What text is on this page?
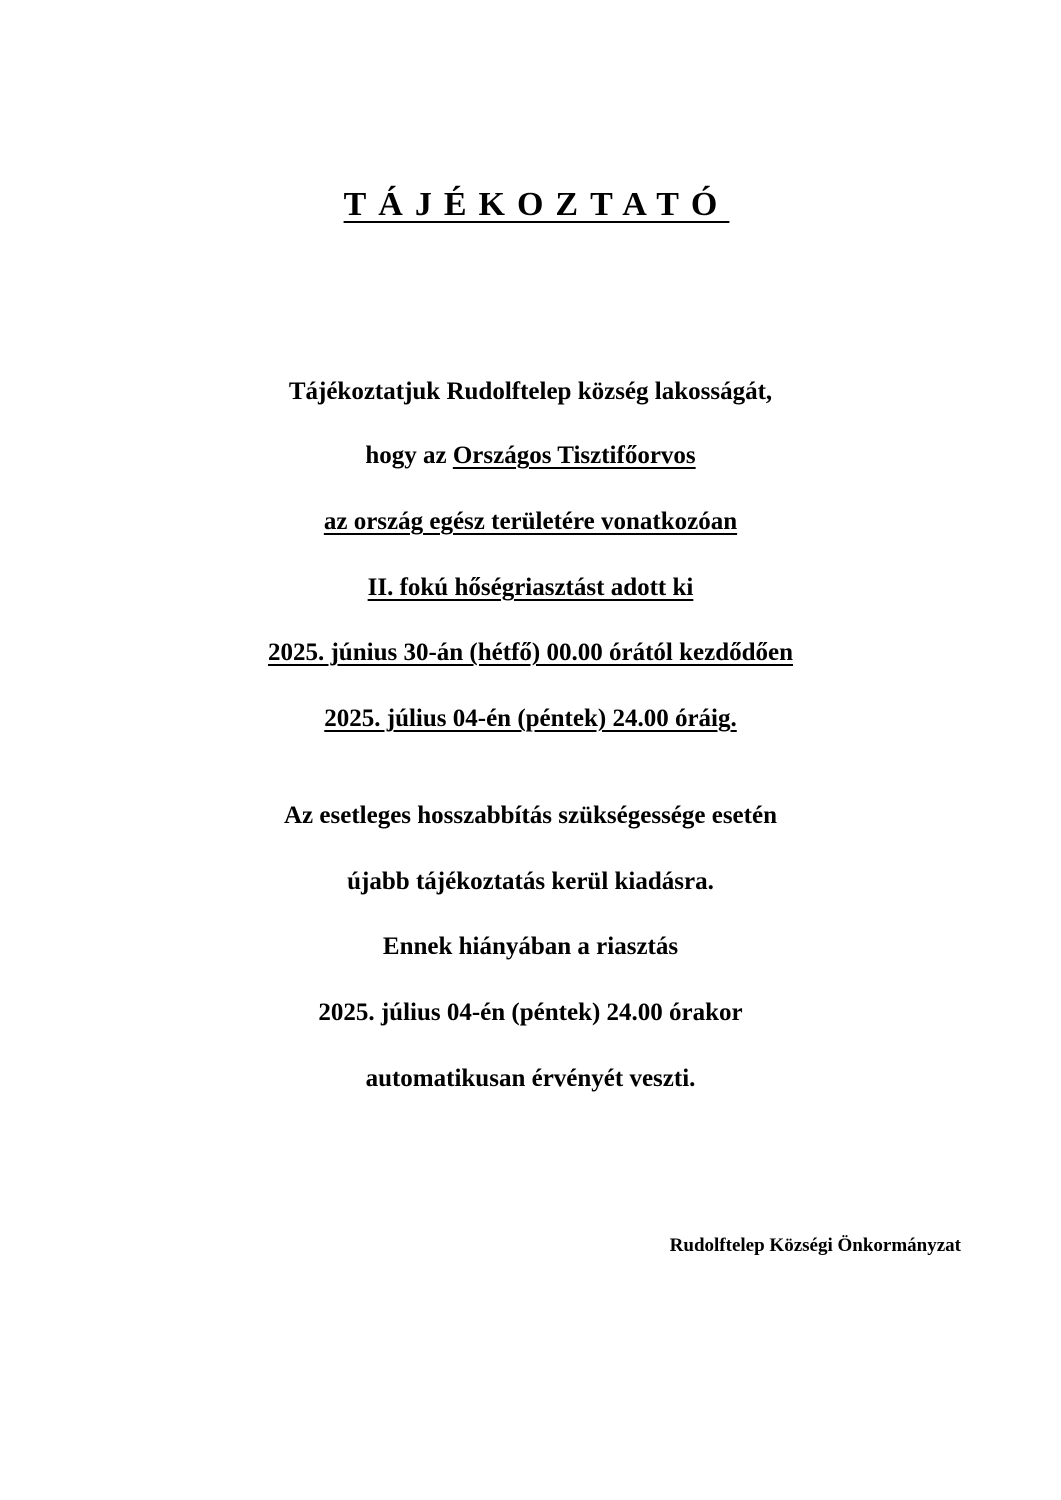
TÁJÉKOZTATÓ
Tájékoztatjuk Rudolftelep község lakosságát,
hogy az Országos Tisztifőorvos
az ország egész területére vonatkozóan
II. fokú hőségriasztást adott ki
2025. június 30-án (hétfő) 00.00 órától kezdődően
2025. július 04-én (péntek) 24.00 óráig.
Az esetleges hosszabbítás szükségessége esetén
újabb tájékoztatás kerül kiadásra.
Ennek hiányában a riasztás
2025. július 04-én (péntek) 24.00 órakor
automatikusan érvényét veszti.
Rudolftelep Községi Önkormányzat
